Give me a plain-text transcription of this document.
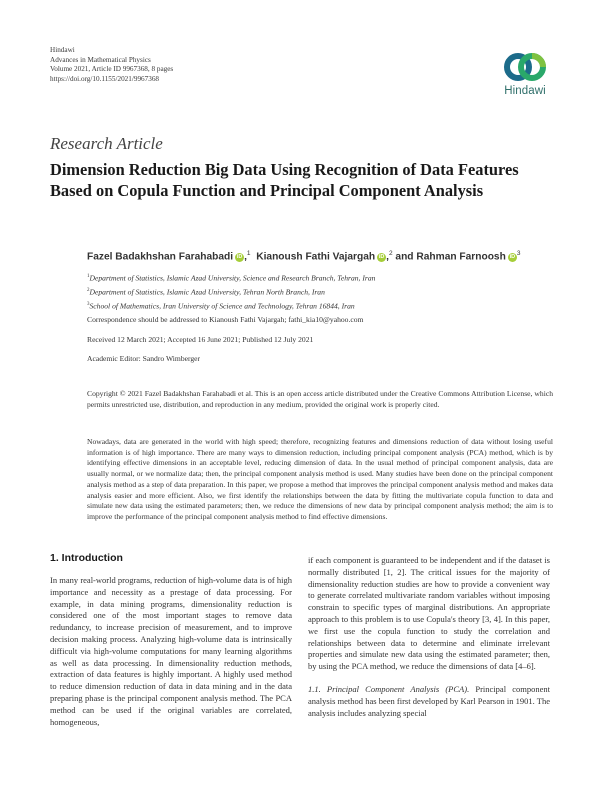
Hindawi
Advances in Mathematical Physics
Volume 2021, Article ID 9967368, 8 pages
https://doi.org/10.1155/2021/9967368
Hindawi
Research Article
Dimension Reduction Big Data Using Recognition of Data Features Based on Copula Function and Principal Component Analysis
Fazel Badakhshan Farahabadi iD ,$^1$ Kianoush Fathi Vajargah iD ,$^2$ and Rahman Farnoosh $iD^3$
$^1$Department of Statistics, Islamic Azad University, Science and Research Branch, Tehran, Iran
$^2$Department of Statistics, Islamic Azad University, Tehran North Branch, Iran
$^3$School of Mathematics, Iran University of Science and Technology, Tehran 16844, Iran
Correspondence should be addressed to Kianoush Fathi Vajargah; fathi_kia10@yahoo.com
Received 12 March 2021; Accepted 16 June 2021; Published 12 July 2021
Academic Editor: Sandro Wimberger
Copyright © 2021 Fazel Badakhshan Farahabadi et al. This is an open access article distributed under the Creative Commons Attribution License, which permits unrestricted use, distribution, and reproduction in any medium, provided the original work is properly cited.
Nowadays, data are generated in the world with high speed; therefore, recognizing features and dimensions reduction of data without losing useful information is of high importance. There are many ways to dimension reduction, including principal component analysis (PCA) method, which is by identifying effective dimensions in an acceptable level, reducing dimension of data. In the usual method of principal component analysis, data are usually normal, or we normalize data; then, the principal component analysis method is used. Many studies have been done on the principal component analysis method as a step of data preparation. In this paper, we propose a method that improves the principal component analysis method and makes data analysis easier and more efficient. Also, we first identify the relationships between the data by fitting the multivariate copula function to data and simulate new data using the estimated parameters; then, we reduce the dimensions of new data by principal component analysis method; the aim is to improve the performance of the principal component analysis method to find effective dimensions.
1. Introduction

In many real-world programs, reduction of high-volume data is of high importance and necessity as a prestage of data processing. For example, in data mining programs, dimensionality reduction is considered one of the most important stages to remove data redundancy, to increase precision of measurement, and to improve decision making process. Analyzing high-volume data is intrinsically difficult via high-volume computations for many learning algorithms as well as data processing. In dimensionality reduction methods, extraction of data features is highly important. A highly used method to reduce dimension reduction of data in data mining and in the data preparing phase is the principal component analysis method. The PCA method can be used if the original variables are correlated, homogeneous,

if each component is guaranteed to be independent and if the dataset is normally distributed [1, 2]. The critical issues for the majority of dimensionality reduction studies are how to provide a convenient way to generate correlated multivariate random variables without imposing constrain to specific types of marginal distributions. An appropriate approach to this problem is to use Copula's theory [3, 4]. In this paper, we first use the copula function to study the correlation and relationships between data to determine and eliminate irrelevant properties and simulate new data using the estimated parameter; then, by using the PCA method, we reduce the dimensions of data [4–6].

1.1. Principal Component Analysis (PCA). Principal component analysis method has been first developed by Karl Pearson in 1901. The analysis includes analyzing special
